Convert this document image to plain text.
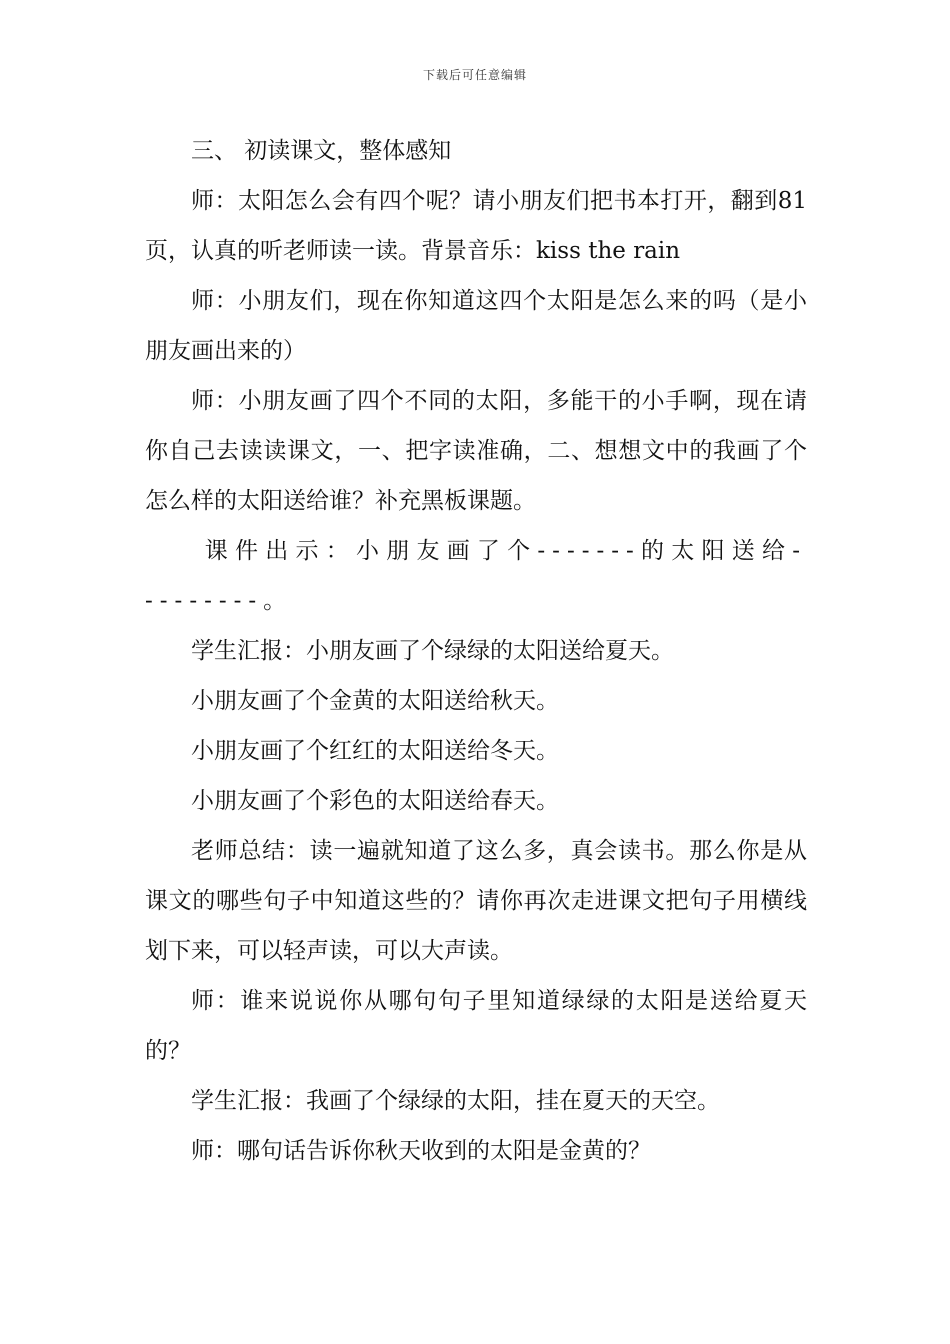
下载后可任意编辑

三、 初读课文，整体感知

师：太阳怎么会有四个呢？请小朋友们把书本打开，翻到81页，认真的听老师读一读。背景音乐：kiss the rain

师：小朋友们，现在你知道这四个太阳是怎么来的吗（是小朋友画出来的）

师：小朋友画了四个不同的太阳，多能干的小手啊，现在请你自己去读读课文，一、把字读准确，二、想想文中的我画了个怎么样的太阳送给谁？补充黑板课题。

课件出示：小朋友画了个-------的太阳送给---------。

学生汇报：小朋友画了个绿绿的太阳送给夏天。

小朋友画了个金黄的太阳送给秋天。

小朋友画了个红红的太阳送给冬天。

小朋友画了个彩色的太阳送给春天。

老师总结：读一遍就知道了这么多，真会读书。那么你是从课文的哪些句子中知道这些的？请你再次走进课文把句子用横线划下来，可以轻声读，可以大声读。

师：谁来说说你从哪句句子里知道绿绿的太阳是送给夏天的？

学生汇报：我画了个绿绿的太阳，挂在夏天的天空。

师：哪句话告诉你秋天收到的太阳是金黄的？
